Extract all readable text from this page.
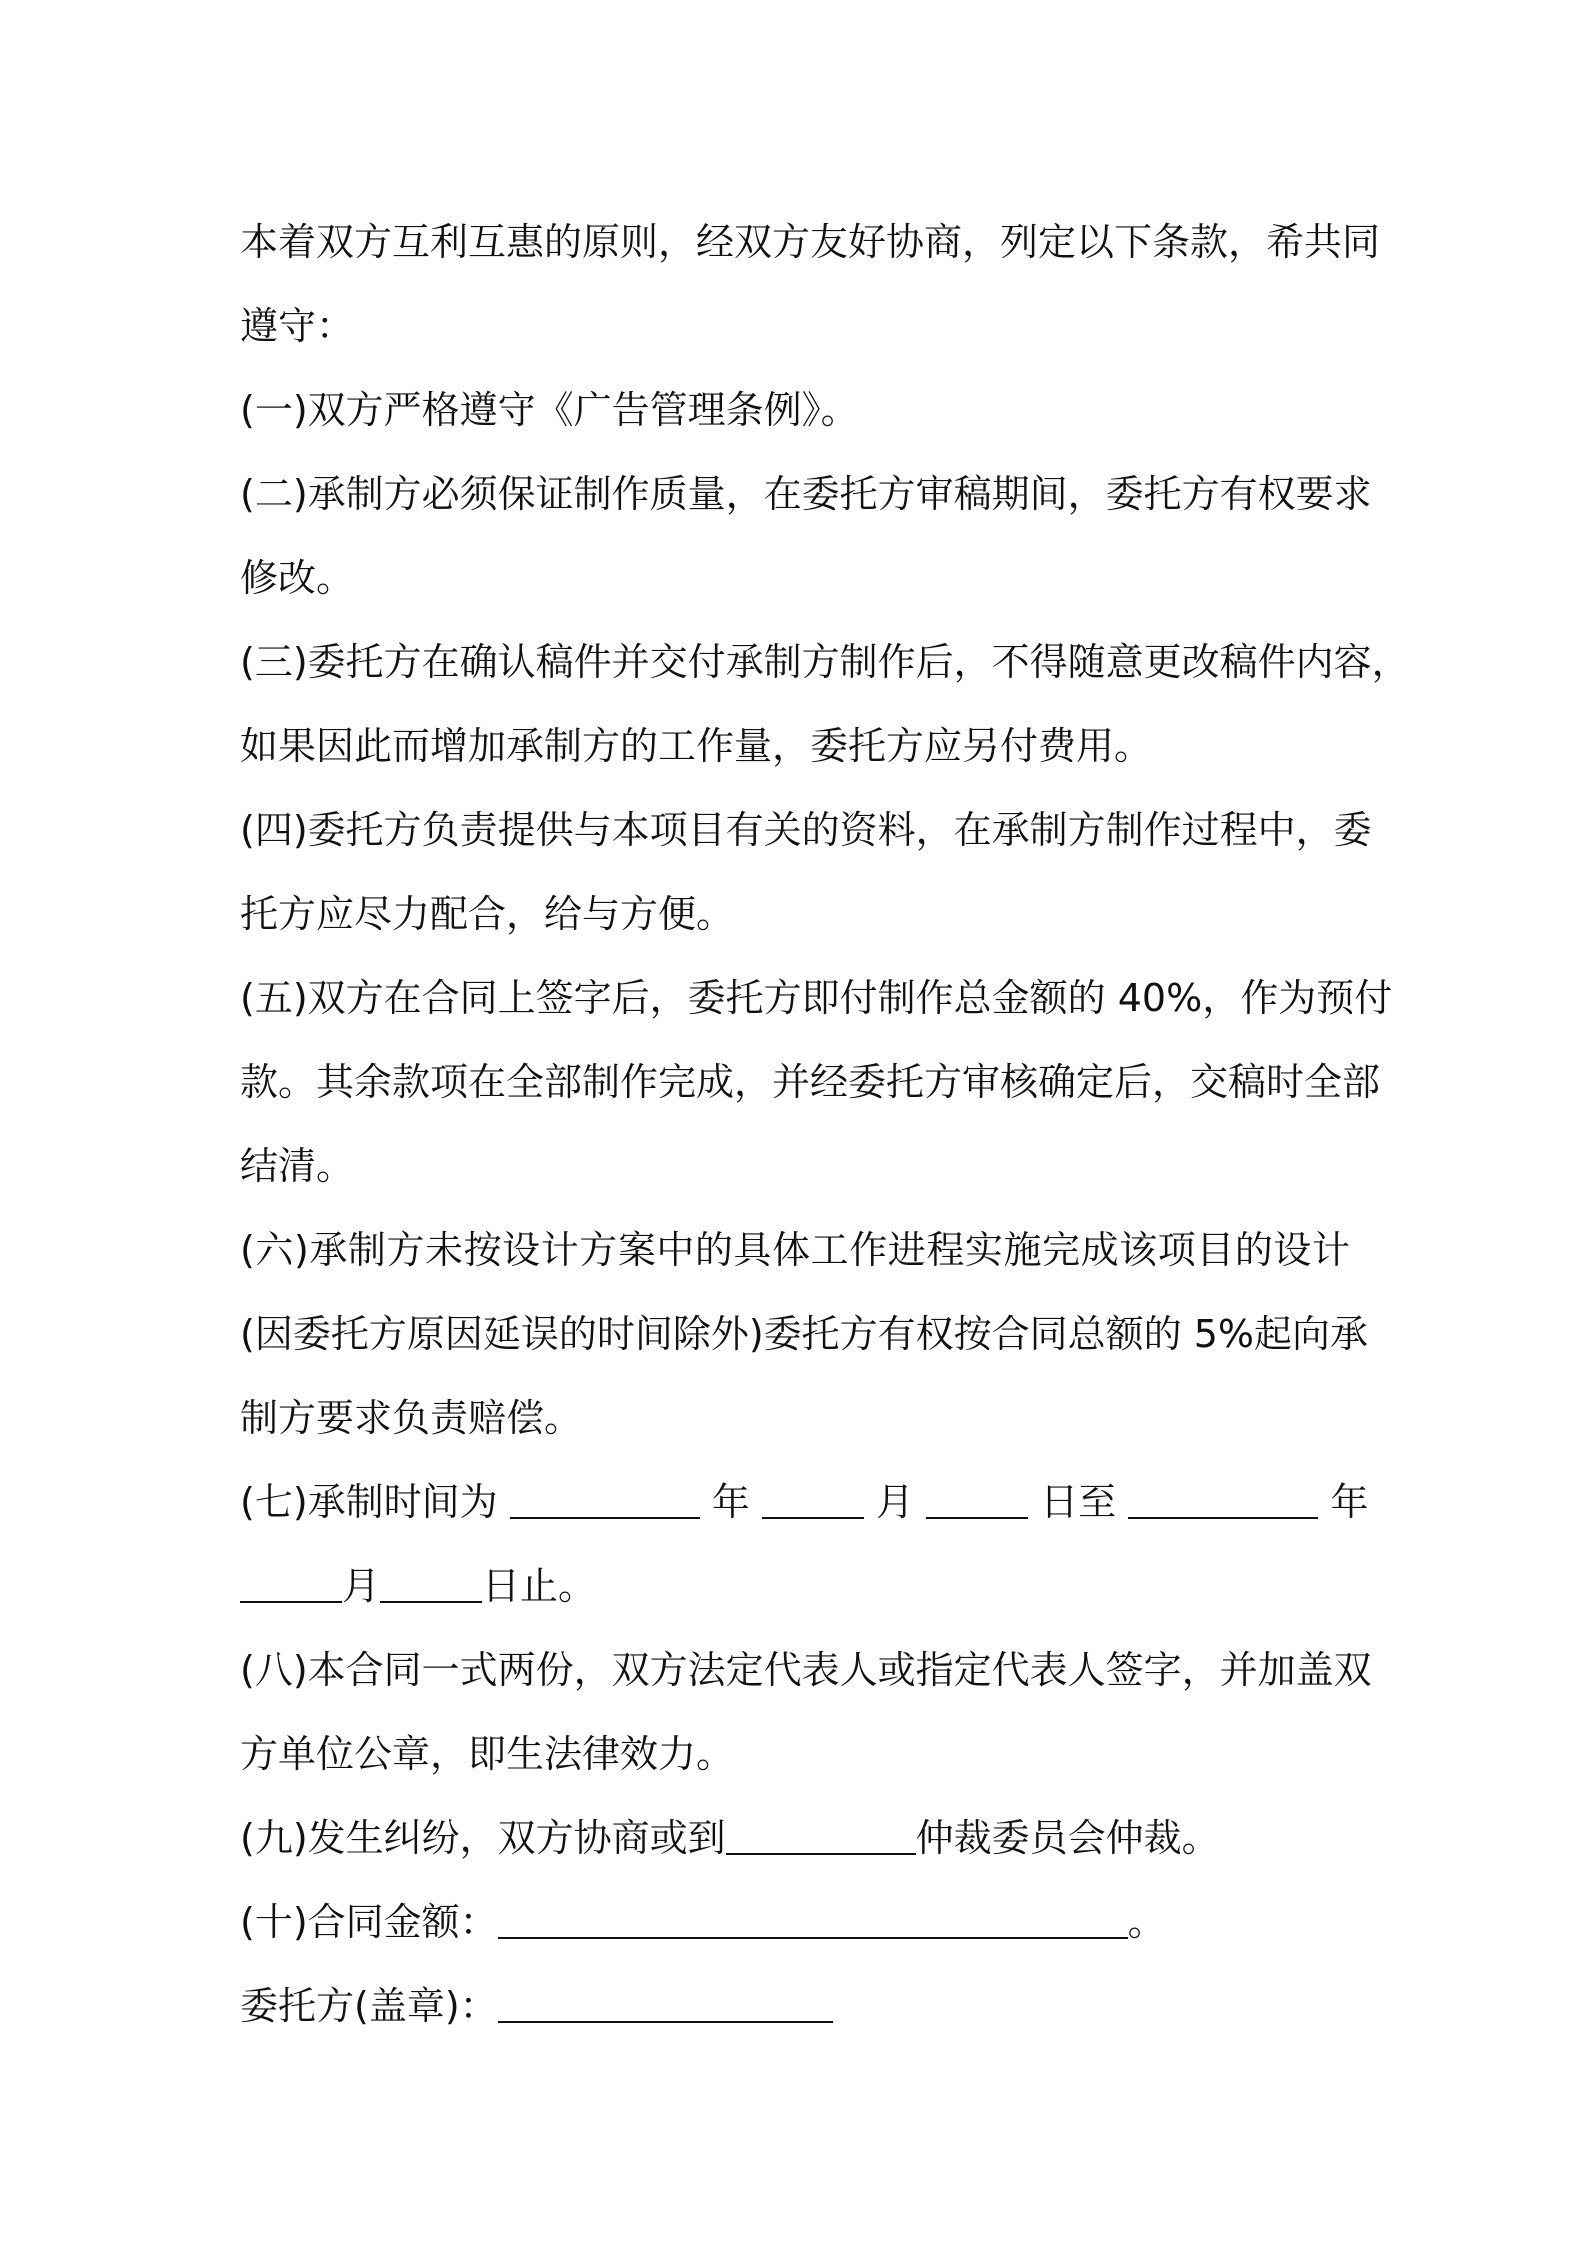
本着双方互利互惠的原则，经双方友好协商，列定以下条款，希共同
遵守：
(一)双方严格遵守《广告管理条例》。
(二)承制方必须保证制作质量，在委托方审稿期间，委托方有权要求
修改。
(三)委托方在确认稿件并交付承制方制作后，不得随意更改稿件内容，
如果因此而增加承制方的工作量，委托方应另付费用。
(四)委托方负责提供与本项目有关的资料，在承制方制作过程中，委
托方应尽力配合，给与方便。
(五)双方在合同上签字后，委托方即付制作总金额的 40%，作为预付
款。其余款项在全部制作完成，并经委托方审核确定后，交稿时全部
结清。
(六)承制方未按设计方案中的具体工作进程实施完成该项目的设计
(因委托方原因延误的时间除外)委托方有权按合同总额的 5%起向承
制方要求负责赔偿。
(七)承制时间为	年	月	日至	年
月	日止。
(八)本合同一式两份，双方法定代表人或指定代表人签字，并加盖双
方单位公章，即生法律效力。
(九)发生纠纷，双方协商或到	仲裁委员会仲裁。
(十)合同金额：	。
委托方(盖章)：
